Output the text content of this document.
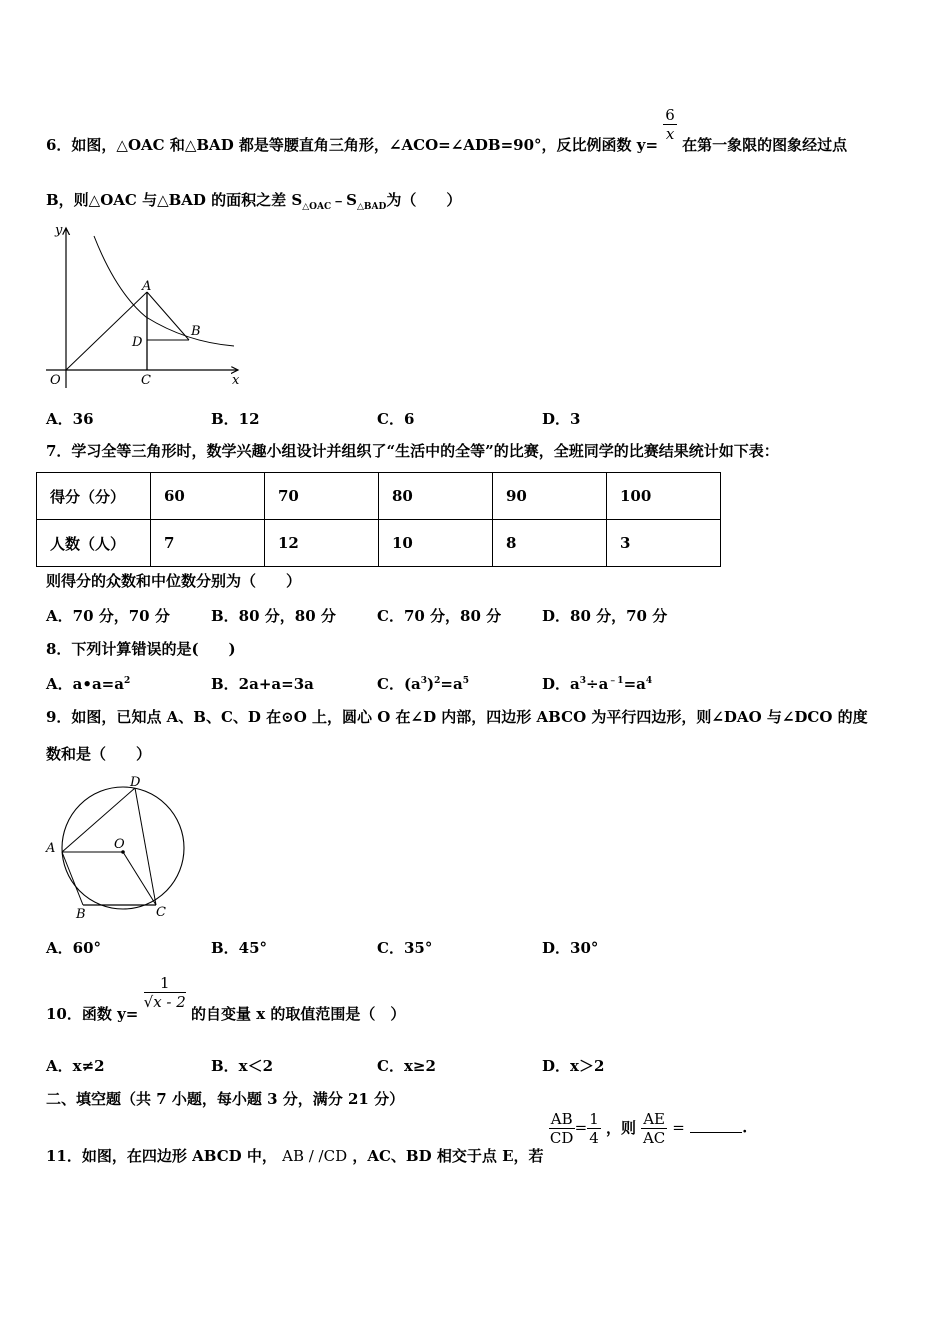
6．如图，△OAC 和△BAD 都是等腰直角三角形，∠ACO=∠ADB=90°，反比例函数 y=
$\frac{6}{x}$
在第一象限的图象经过点
B，则△OAC 与△BAD 的面积之差 $S_{\triangle OAC}﹣S_{\triangle BAD}$为（　　）
y
x
O	C
A
D
B
A．36	B．12	C．6	D．3
7．学习全等三角形时，数学兴趣小组设计并组织了“生活中的全等”的比赛，全班同学的比赛结果统计如下表：
得分（分）	60	70	80	90	100
人数（人）	7	12	10	8	3
则得分的众数和中位数分别为（　　）
A．70 分，70 分	B．80 分，80 分	C．70 分，80 分	D．80 分，70 分
8．下列计算错误的是(　　)
A．$a•a=a^2$	B．2a+a=3a	C．$(a^3)^2=a^5$	D．$a^3\div a^{﹣1}=a^4$
9．如图，已知点 A、B、C、D 在⊙O 上，圆心 O 在∠D 内部，四边形 ABCO 为平行四边形，则∠DAO 与∠DCO 的度
数和是（　　）
A
B	C
D
O
A．60°	B．45°	C．35°	D．30°
10．函数 y=
$\frac{1}{√x - 2}$
的自变量 x 的取值范围是（　）
A．x≠2	B．x＜2	C．x≥2	D．x＞2
二、填空题（共 7 小题，每小题 3 分，满分 21 分）
11．如图，在四边形 ABCD 中， AB / /CD ，AC、BD 相交于点 E，若
$\frac{AB}{CD} = \frac{1}{4}$ ，则 $\frac{AE}{AC}$ =	.
